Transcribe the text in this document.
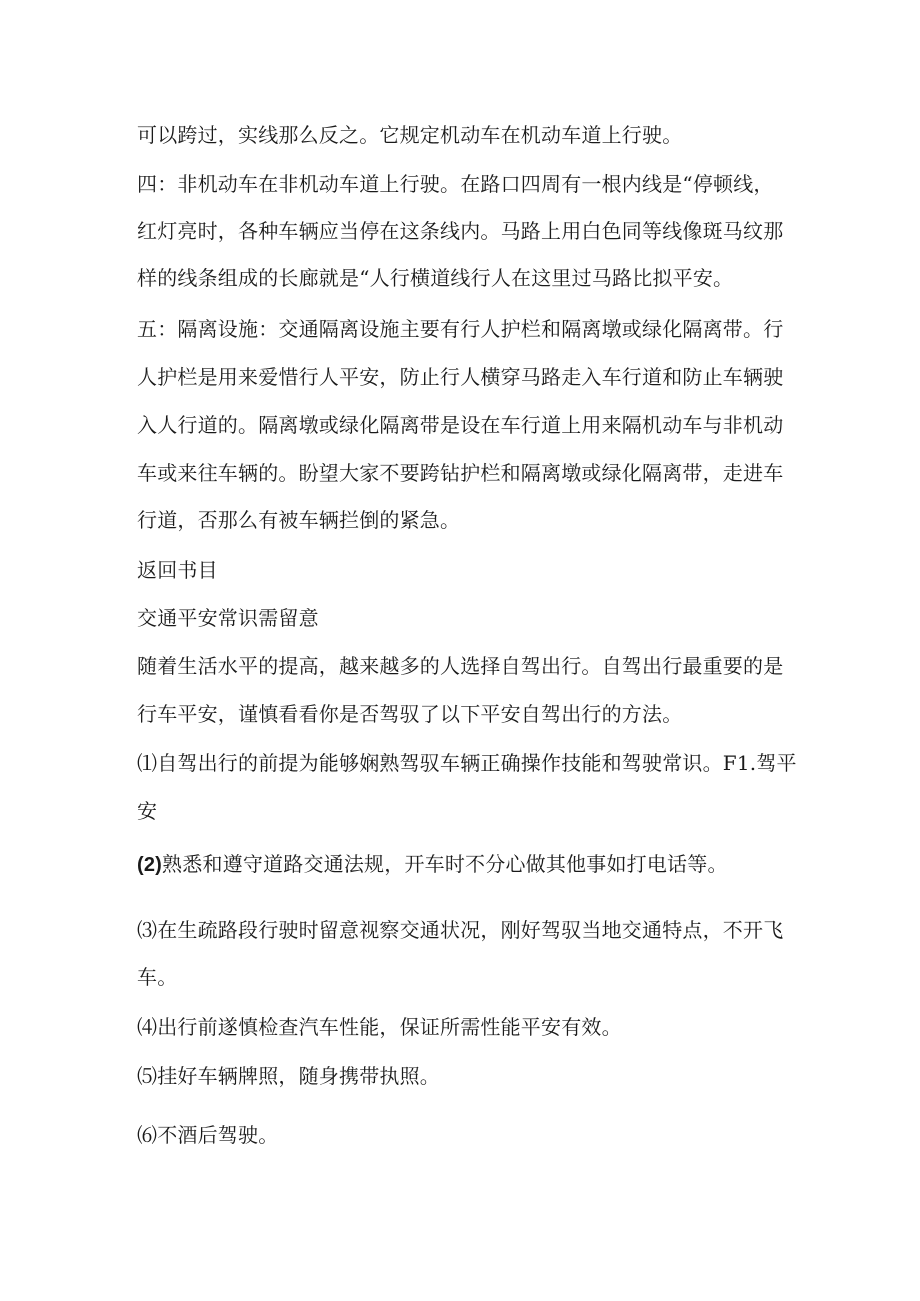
可以跨过，实线那么反之。它规定机动车在机动车道上行驶。
四：非机动车在非机动车道上行驶。在路口四周有一根内线是“停顿线，
红灯亮时，各种车辆应当停在这条线内。马路上用白色同等线像斑马纹那
样的线条组成的长廊就是“人行横道线行人在这里过马路比拟平安。
五：隔离设施：交通隔离设施主要有行人护栏和隔离墩或绿化隔离带。行
人护栏是用来爱惜行人平安，防止行人横穿马路走入车行道和防止车辆驶
入人行道的。隔离墩或绿化隔离带是设在车行道上用来隔机动车与非机动
车或来往车辆的。盼望大家不要跨钻护栏和隔离墩或绿化隔离带，走进车
行道，否那么有被车辆拦倒的紧急。
返回书目
交通平安常识需留意
随着生活水平的提高，越来越多的人选择自驾出行。自驾出行最重要的是
行车平安，谨慎看看你是否驾驭了以下平安自驾出行的方法。
⑴自驾出行的前提为能够娴熟驾驭车辆正确操作技能和驾驶常识。F1.驾平
安
(2)熟悉和遵守道路交通法规，开车时不分心做其他事如打电话等。
⑶在生疏路段行驶时留意视察交通状况，刚好驾驭当地交通特点，不开飞
车。
⑷出行前遂慎检查汽车性能，保证所需性能平安有效。
⑸挂好车辆牌照，随身携带执照。
⑹不酒后驾驶。
